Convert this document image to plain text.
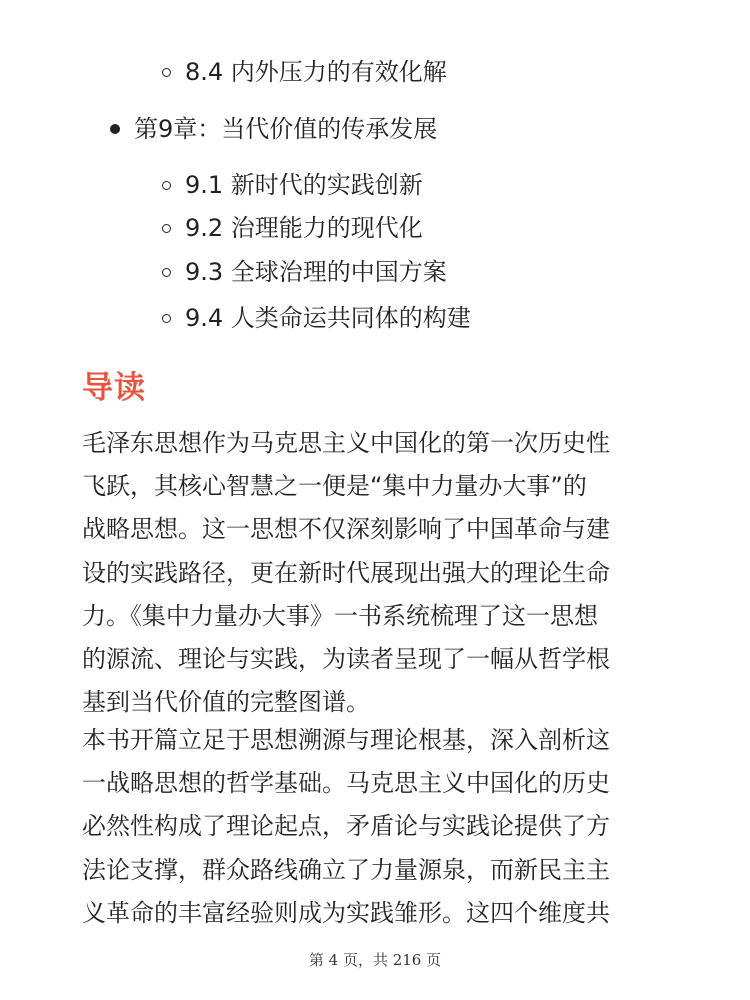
8.4 内外压力的有效化解
第9章：当代价值的传承发展
9.1 新时代的实践创新
9.2 治理能力的现代化
9.3 全球治理的中国方案
9.4 人类命运共同体的构建
导读

毛泽东思想作为马克思主义中国化的第一次历史性
飞跃，其核心智慧之一便是“集中力量办大事”的
战略思想。这一思想不仅深刻影响了中国革命与建
设的实践路径，更在新时代展现出强大的理论生命
力。《集中力量办大事》一书系统梳理了这一思想
的源流、理论与实践，为读者呈现了一幅从哲学根
基到当代价值的完整图谱。

本书开篇立足于思想溯源与理论根基，深入剖析这
一战略思想的哲学基础。马克思主义中国化的历史
必然性构成了理论起点，矛盾论与实践论提供了方
法论支撑，群众路线确立了力量源泉，而新民主主
义革命的丰富经验则成为实践雏形。这四个维度共

第 4 页，共 216 页
